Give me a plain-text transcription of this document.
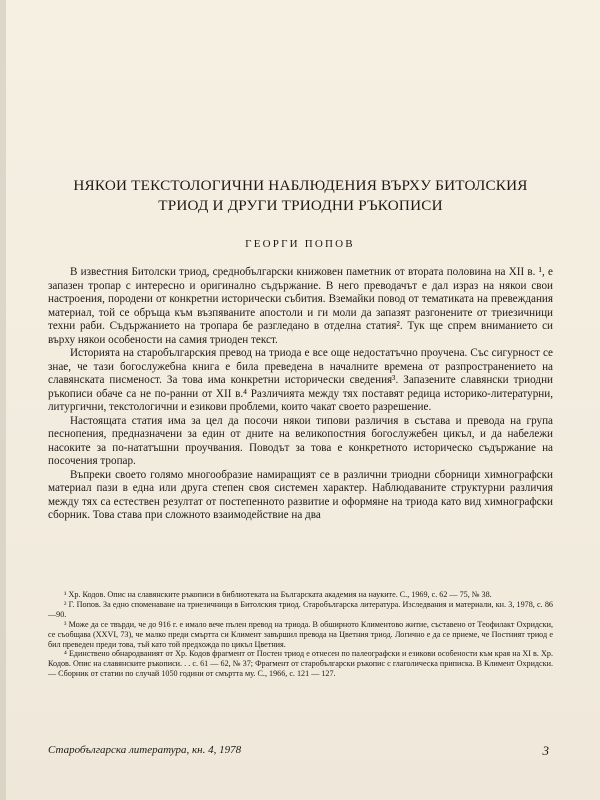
НЯКОИ ТЕКСТОЛОГИЧНИ НАБЛЮДЕНИЯ ВЪРХУ БИТОЛСКИЯ
ТРИОД И ДРУГИ ТРИОДНИ РЪКОПИСИ
ГЕОРГИ ПОПОВ

В известния Битолски триод, среднобългарски книжовен паметник от втората половина на XII в. ¹, е запазен тропар с интересно и оригинално съдържание. В него преводачът е дал израз на някои свои настроения, породени от конкретни исторически събития. Вземайки повод от тематиката на превеждания материал, той се обръща към възпяваните апостоли и ги моли да запазят разгонените от триезичници техни раби. Съдържанието на тропара бе разгледано в отделна статия². Тук ще спрем вниманието си върху някои особености на самия триоден текст.

Историята на старобългарския превод на триода е все още недостатъчно проучена. Със сигурност се знае, че тази богослужебна книга е била преведена в началните времена от разпространението на славянската писменост. За това има конкретни исторически сведения³. Запазените славянски триодни ръкописи обаче са не по-ранни от XII в.⁴ Различията между тях поставят редица историко-литературни, литургични, текстологични и езикови проблеми, които чакат своето разрешение.

Настоящата статия има за цел да посочи някои типови различия в състава и превода на група песнопения, предназначени за един от дните на великопостния богослужебен цикъл, и да набележи насоките за по-нататъшни проучвания. Поводът за това е конкретното историческо съдържание на посочения тропар.

Въпреки своето голямо многообразие намиращият се в различни триодни сборници химнографски материал пази в една или друга степен своя системен характер. Наблюдаваните структурни различия между тях са естествен резултат от постепенното развитие и оформяне на триода като вид химнографски сборник. Това става при сложното взаимодействие на два

¹ Хр. Кодов. Опис на славянските ръкописи в библиотеката на Българската академия на науките. С., 1969, с. 62 — 75, № 38.

² Г. Попов. За едно споменаване на триезичници в Битолския триод. Старобългарска литература. Изследвания и материали, кн. 3, 1978, с. 86—90.

³ Може да се твърди, че до 916 г. е имало вече пълен превод на триода. В обширното Климентово житие, съставено от Теофилакт Охридски, се съобщава (XXVI, 73), че малко преди смъртта си Климент завършил превода на Цветния триод. Логично е да се приеме, че Постният триод е бил преведен преди това, тъй като той предхожда по цикъл Цветния.

⁴ Единствено обнародваният от Хр. Кодов фрагмент от Постен триод е отнесен по палеографски и езикови особености към края на XI в. Хр. Кодов. Опис на славянските ръкописи. . . с. 61 — 62, № 37; Фрагмент от старобългарски ръкопис с глаголическа приписка. В Климент Охридски. — Сборник от статии по случай 1050 години от смъртта му. С., 1966, с. 121 — 127.

Старобългарска литература, кн. 4, 1978	3
